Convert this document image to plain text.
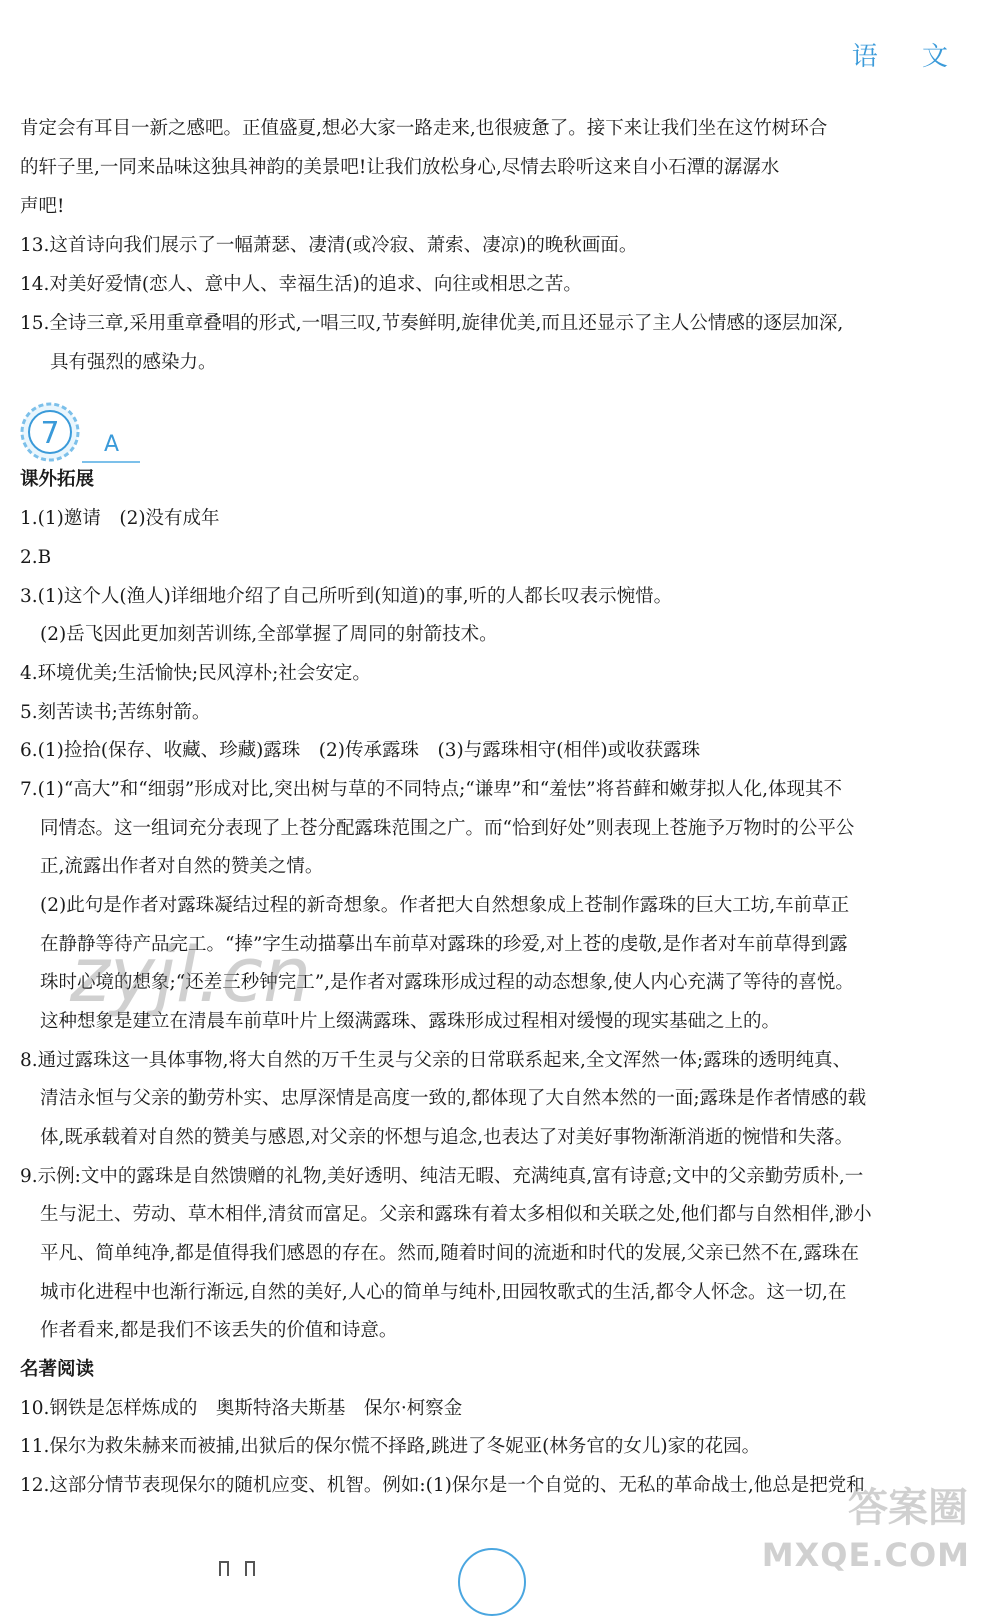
语 文
肯定会有耳目一新之感吧。正值盛夏,想必大家一路走来,也很疲惫了。接下来让我们坐在这竹树环合
的轩子里,一同来品味这独具神韵的美景吧!让我们放松身心,尽情去聆听这来自小石潭的潺潺水
声吧!
13.这首诗向我们展示了一幅萧瑟、凄清(或冷寂、萧索、凄凉)的晚秋画面。
14.对美好爱情(恋人、意中人、幸福生活)的追求、向往或相思之苦。
15.全诗三章,采用重章叠唱的形式,一唱三叹,节奏鲜明,旋律优美,而且还显示了主人公情感的逐层加深,
具有强烈的感染力。
7 A
课外拓展
1.(1)邀请　(2)没有成年
2.B
3.(1)这个人(渔人)详细地介绍了自己所听到(知道)的事,听的人都长叹表示惋惜。
(2)岳飞因此更加刻苦训练,全部掌握了周同的射箭技术。
4.环境优美;生活愉快;民风淳朴;社会安定。
5.刻苦读书;苦练射箭。
6.(1)捡拾(保存、收藏、珍藏)露珠　(2)传承露珠　(3)与露珠相守(相伴)或收获露珠
7.(1)“高大”和“细弱”形成对比,突出树与草的不同特点;“谦卑”和“羞怯”将苔藓和嫩芽拟人化,体现其不
同情态。这一组词充分表现了上苍分配露珠范围之广。而“恰到好处”则表现上苍施予万物时的公平公
正,流露出作者对自然的赞美之情。
(2)此句是作者对露珠凝结过程的新奇想象。作者把大自然想象成上苍制作露珠的巨大工坊,车前草正
在静静等待产品完工。“捧”字生动描摹出车前草对露珠的珍爱,对上苍的虔敬,是作者对车前草得到露
珠时心境的想象;“还差三秒钟完工”,是作者对露珠形成过程的动态想象,使人内心充满了等待的喜悦。
这种想象是建立在清晨车前草叶片上缀满露珠、露珠形成过程相对缓慢的现实基础之上的。
8.通过露珠这一具体事物,将大自然的万千生灵与父亲的日常联系起来,全文浑然一体;露珠的透明纯真、
清洁永恒与父亲的勤劳朴实、忠厚深情是高度一致的,都体现了大自然本然的一面;露珠是作者情感的载
体,既承载着对自然的赞美与感恩,对父亲的怀想与追念,也表达了对美好事物渐渐消逝的惋惜和失落。
9.示例:文中的露珠是自然馈赠的礼物,美好透明、纯洁无暇、充满纯真,富有诗意;文中的父亲勤劳质朴,一
生与泥土、劳动、草木相伴,清贫而富足。父亲和露珠有着太多相似和关联之处,他们都与自然相伴,渺小
平凡、简单纯净,都是值得我们感恩的存在。然而,随着时间的流逝和时代的发展,父亲已然不在,露珠在
城市化进程中也渐行渐远,自然的美好,人心的简单与纯朴,田园牧歌式的生活,都令人怀念。这一切,在
作者看来,都是我们不该丢失的价值和诗意。
名著阅读
10.钢铁是怎样炼成的　奥斯特洛夫斯基　保尔·柯察金
11.保尔为救朱赫来而被捕,出狱后的保尔慌不择路,跳进了冬妮亚(林务官的女儿)家的花园。
12.这部分情节表现保尔的随机应变、机智。例如:(1)保尔是一个自觉的、无私的革命战士,他总是把党和
zyjl.cn
答案圈
MXQE.COM
